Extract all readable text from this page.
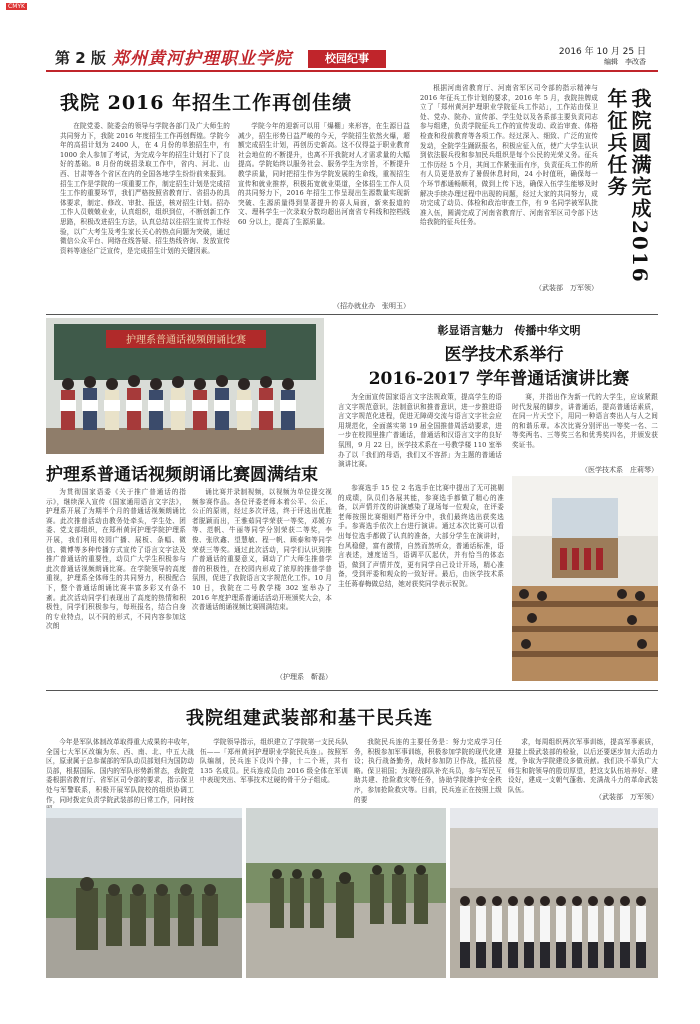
CMYK
第 2 版 郑州黄河护理职业学院	校园纪事	2016 年 10 月 25 日
编辑　李改香
我院 2016 年招生工作再创佳绩

在院党委、院委会的领导与学院各部门及广大师生的共同努力下，我院 2016 年度招生工作再创辉煌。学院今年的高招计划为 2400 人，在 4 月份的单独招生中，有 1000 余人参加了考试，为完成今年的招生计划打下了良好的基础。8 月份的统招录取工作中，省内、河北、山西、甘肃等各个省区在内的全国各地学生纷纷前来报到。招生工作是学院的一项重要工作，制定招生计划是完成招生工作的重要环节，我们严格按照省教育厅、省招办的具体要求，制定、修改、审批、报送，核对招生计划。招办工作人员兢兢业业，认真组织，组织到位，不断创新工作思路，积极改进招生方法，认真总结以往招生宣传工作经验，以广大考生及考生家长关心的热点问题为突破，通过微信公众平台、网络在线答疑、招生热线咨询、发放宣传资料等途径广泛宣传，是完成招生计划的关键因素。

学院今年的迎新可以用「爆棚」来形容，在生源日益减少，招生形势日益严峻的今天，学院招生依然火爆，超额完成招生计划，再创历史新高。这不仅得益于职业教育社会地位的不断提升，也离不开我院对人才需求量的大幅提高。学院始终以服务社会、服务学生为宗旨，不断提升教学质量，同时把招生作为学院发展的生命线，重视招生宣传和就业推荐，积极拓宽就业渠道，全体招生工作人员的共同努力下，2016 年招生工作呈现出生源数量实现新突破、生源质量得到显著提升的喜人局面，新来报道的文、理科学生一次录取分数均超出河南省专科线和控档线 60 分以上，提高了生源质量。

（招办就业办　张明玉）

根据河南省教育厅、河南省军区司令部的指示精神与 2016 年征兵工作计划的要求，2016 年 5 月，我院挂牌成立了「郑州黄河护理职业学院征兵工作站」，工作站由保卫处、党办、院办、宣传部、学生处以及各系部主要负责同志参与组建，负责学院征兵工作的宣传发动、政治审查、体格检查和役前教育等各项工作。经过深入、细致、广泛的宣传发动，全院学生踊跃报名，积极应征入伍，使广大学生认识到依法服兵役和参加民兵组织是每个公民的光荣义务。征兵工作历经 5 个月，其间工作紧张而有序，负责征兵工作的所有人员更是放弃了暑假休息时间，24 小时值班，确保每一个环节都通畅顺利，做到上传下达，确保入伍学生能够及时解决手续办理过程中出现的问题，经过大家的共同努力，成功完成了动员、体检和政治审查工作，有 9 名同学被军队批准入伍，圆满完成了河南省教育厅、河南省军区司令部下达给我院的征兵任务。

（武装部　万军领）
我院圆满完成2016年征兵任务
护理系普通话视频朗诵比赛
彰显语言魅力　传播中华文明
医学技术系举行
2016-2017 学年普通话演讲比赛

为全面宣传国家语言文字法规政策，提高学生的语言文字规范意识，法制意识和推普意识，进一步推进语言文字规范化进程，促进无障碍交流与语言文字社会应用规范化，全面落实第 19 届全国推普周活动要求，进一步在校园里推广普通话，普通话和汉语言文字的良好氛围，9 月 22 日，医学技术系在一号教学楼 110 室举办了以「我们的母语，我们又不容辞」为主题的普通话演讲比赛。

赛，并指出作为新一代的大学生，应该紧跟时代发展的脚步，讲普通话，提高普通话素质，在同一片天空下，用同一种语言奏出人与人之间的和谐乐章。本次比赛分别评出一等奖一名、二等奖两名、三等奖三名和优秀奖四名，并颁发获奖证书。

（医学技术系　庄莉琴）

参赛选手 15 位 2 名选手在比赛中提出了无可挑剔的成绩，队员们各展其能，参赛选手都做了精心的准备，以声情并茂的讲演感染了现场每一位观众，在评委老师按照比赛细则严格评分中，我们最终选出获奖选手。参赛选手依次上台进行演讲。通过本次比赛可以看出每位选手都做了认真的准备，大部分学生在演讲时，台风稳健，富有激情，自然而然听众，普通话标准，语言表述，速度适当，语调平仄起伏，并有恰当的体态语，做到了声情并茂，更有同学自己设计开场，精心准备，受到评委和观众的一致好评。最后，由医学技术系主任蒋春梅做总结，她对获奖同学表示祝贺。

护理系普通话视频朗诵比赛圆满结束

为贯彻国家语委《关于推广普通话的指示》，继续深入宣传《国家通用语言文字法》，护理系开展了为期半个月的普通话视频朗诵比赛。此次推普活动由教务处牵头，学生处、团委、党支部组织，在郑州黄河护理学院护理系开展，我们利用校园广播、展板、条幅、微信、微博等多种传播方式宣传了语言文字法及推广普通话的重要性，动员广大学生积极参与此次普通话视频朗诵比赛。在学院领导的高度重视，护理系全体师生的共同努力，积极配合下，整个普通话朗诵比赛丰富多彩又有条不紊。此次活动同学们表现出了高度的热情和积极性，同学们积极参与，每班报名，结合自身的专业特点，以不同的形式，不同内容参加这次朗

诵比赛并录制视频，以视频为单位提交视频参赛作品。各位评委老师本着公平、公正、公正的原则，经过多次评选，终于评选出优胜者脱颖而出，王雅茹同学荣获一等奖，邓媛方等、范帆、牛丽等同学分别荣获二等奖，李俊、张欣鑫、望慧敏、程一帆、顾泰和等同学荣获三等奖。通过此次活动，同学们认识到推广普通话的重要意义，调动了广大师生推普学普的积极性，在校园内形成了浓厚的推普学普氛围，促进了我院语言文字规范化工作。10 月 10 日，我院在二号教学楼 302 室举办了 2016 年度护理系普通话活动开班颁奖大会，本次普通话朗诵视频比赛圆满结束。

（护理系　靳磊）
我院组建武装部和基干民兵连

今年是军队体制改革取得重大成果的丰收年，全国七大军区改编为东、西、南、北、中五大战区，原隶属于总参谋部的军队动员部划归为国防动员部，根据国际、国内的军队形势新常态，我院党委根据省教育厅、省军区司令部的要求，指示保卫处与军警联系，积极开展军队院校的组织协调工作，同时拨定负责学院武装部的日常工作，同时按

学院领导指示，组织建立了学院第一支民兵队伍——「郑州黄河护理职业学院民兵连」。按照军队编制，民兵连下设四个排，十二个班，共有 135 名成员。民兵连成员由 2016 级全体在军训中表现突出、军事技术过硬的骨干分子组成。

我院民兵连的主要任务是：努力完成学习任务，积极参加军事训练，积极参加学院的现代化建设；执行战备勤务，战时参加防卫作战，抵抗侵略。保卫祖国；为现役部队补充兵员，参与军民互助共建、抢险救灾等任务，协助学院维护安全秩序，参加抢险救灾等。目前，民兵连正在按照上级的要

求，每周组织两次军事训练，提高军事素质，迎接上级武装部的检验，以后还要逐步加大活动力度，争取为学院建设多做贡献。我们决不辜负广大师生和院领导的殷切厚望，把这支队伍培养好、建设好，建成一支朝气蓬勃、充满战斗力的革命武装队伍。

（武装部　万军领）
